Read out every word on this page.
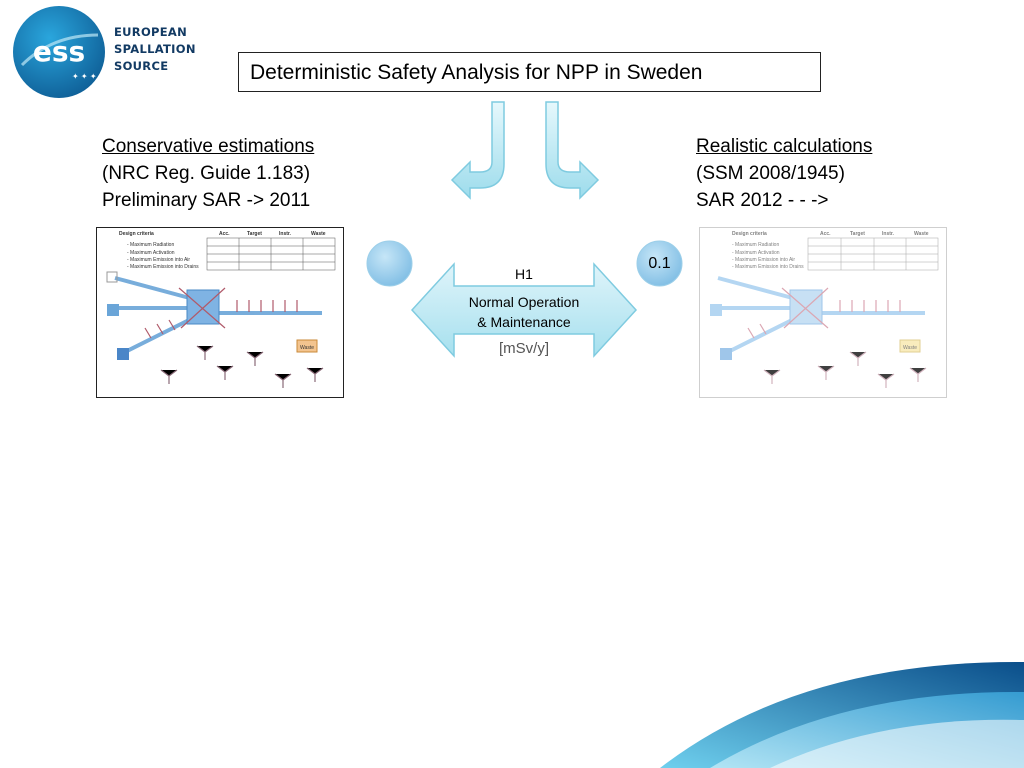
ess
✦ ✦ ✦
EUROPEAN
SPALLATION
SOURCE	Deterministic Safety Analysis for NPP in Sweden
Conservative estimations
(NRC Reg. Guide 1.183)
Preliminary SAR -> 2011
Realistic calculations
(SSM 2008/1945)
SAR 2012 - - ->
Design criteria	Acc.	Target	Instr.	Waste
- Maximum Radiation
- Maximum Activation
- Maximum Emission into Air
- Maximum Emission into Drains
Waste
Design criteria	Acc.	Target	Instr.	Waste
- Maximum Radiation
- Maximum Activation
- Maximum Emission into Air
- Maximum Emission into Drains
Waste
0.1
H1
Normal Operation
& Maintenance
[mSv/y]
